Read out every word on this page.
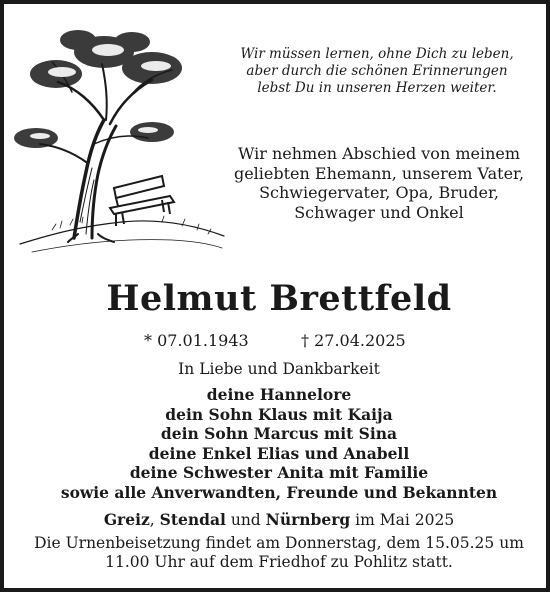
Wir müssen lernen, ohne Dich zu leben,
aber durch die schönen Erinnerungen
lebst Du in unseren Herzen weiter.
Wir nehmen Abschied von meinem
geliebten Ehemann, unserem Vater,
Schwiegervater, Opa, Bruder,
Schwager und Onkel
Helmut Brettfeld
* 07.01.1943	† 27.04.2025
In Liebe und Dankbarkeit
deine Hannelore
dein Sohn Klaus mit Kaija
dein Sohn Marcus mit Sina
deine Enkel Elias und Anabell
deine Schwester Anita mit Familie
sowie alle Anverwandten, Freunde und Bekannten
Greiz, Stendal und Nürnberg im Mai 2025
Die Urnenbeisetzung findet am Donnerstag, dem 15.05.25 um
11.00 Uhr auf dem Friedhof zu Pohlitz statt.
